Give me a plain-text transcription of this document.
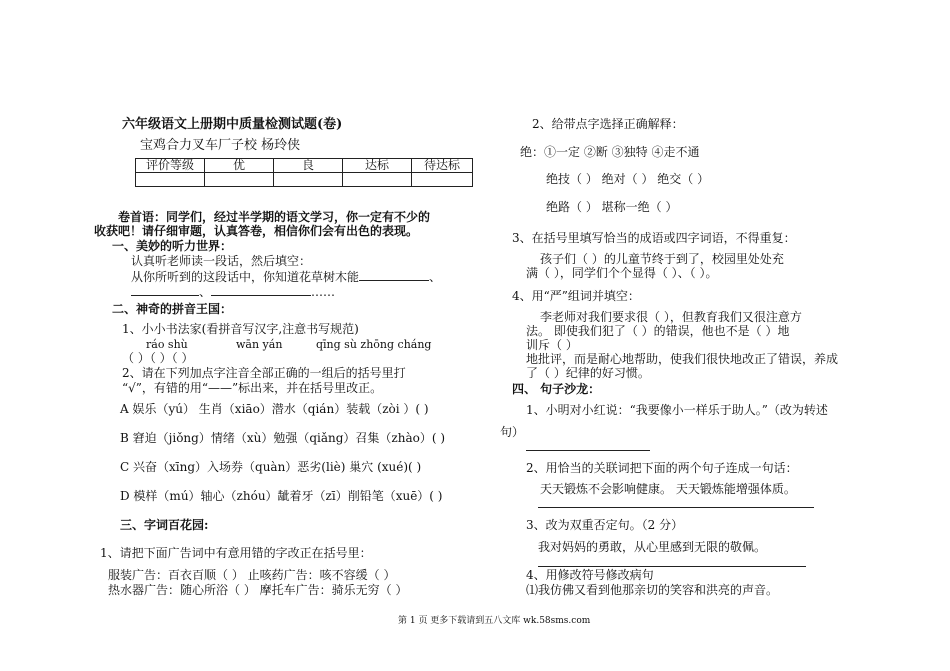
六年级语文上册期中质量检测试题(卷)
宝鸡合力叉车厂子校 杨玲侠
评价等级	优	良	达标	待达标

卷首语：同学们，经过半学期的语文学习，你一定有不少的
收获吧！请仔细审题，认真答卷，相信你们会有出色的表现。
一、美妙的听力世界：
认真听老师读一段话，然后填空：
从你所听到的这段话中，你知道花草树木能	、
、	……
二、神奇的拼音王国：
1、小小书法家(看拼音写汉字,注意书写规范)
ráo shù	wān yán	qīng sù zhōng cháng
（ ）（ ）（ ）
2、请在下列加点字注音全部正确的一组后的括号里打
“√”，有错的用“——”标出来，并在括号里改正。
A 娱乐（yú） 生肖（xiāo）潜水（qián）装载（zòi ）( )
B 窘迫（jiǒng）情绪（xù）勉强（qiǎng）召集（zhào）( )
C 兴奋（xīng）入场券（quàn）恶劣(liè) 巢穴 (xué)( )
D 模样（mú）轴心（zhóu）龇着牙（zī）削铅笔（xuē）( )
三、字词百花园:
1、请把下面广告词中有意用错的字改正在括号里：
服装广告：百衣百顺（ ） 止咳药广告：咳不容缓（ ）
热水器广告：随心所浴（ ） 摩托车广告：骑乐无穷（ ）
2、给带点字选择正确解释：
绝：①一定 ②断 ③独特 ④走不通
绝技（ ） 绝对（ ） 绝交（ ）
绝路（ ） 堪称一绝（ ）
3、在括号里填写恰当的成语或四字词语，不得重复：
孩子们（ ）的儿童节终于到了，校园里处处充
满（ ），同学们个个显得（ ）、（ ）。
4、用“严”组词并填空：
李老师对我们要求很（ ），但教育我们又很注意方
法。 即使我们犯了（ ）的错误，他也不是（ ）地
训斥（ ）
地批评，而是耐心地帮助，使我们很快地改正了错误，养成
了（ ）纪律的好习惯。
四、 句子沙龙：
1、小明对小红说：“我要像小一样乐于助人。”（改为转述
句）
2、用恰当的关联词把下面的两个句子连成一句话：
天天锻炼不会影响健康。 天天锻炼能增强体质。
3、改为双重否定句。（2 分）
我对妈妈的勇敢，从心里感到无限的敬佩。
4、用修改符号修改病句
⑴我仿佛又看到他那亲切的笑容和洪亮的声音。
第 1 页 更多下载请到五八文库 wk.58sms.com
